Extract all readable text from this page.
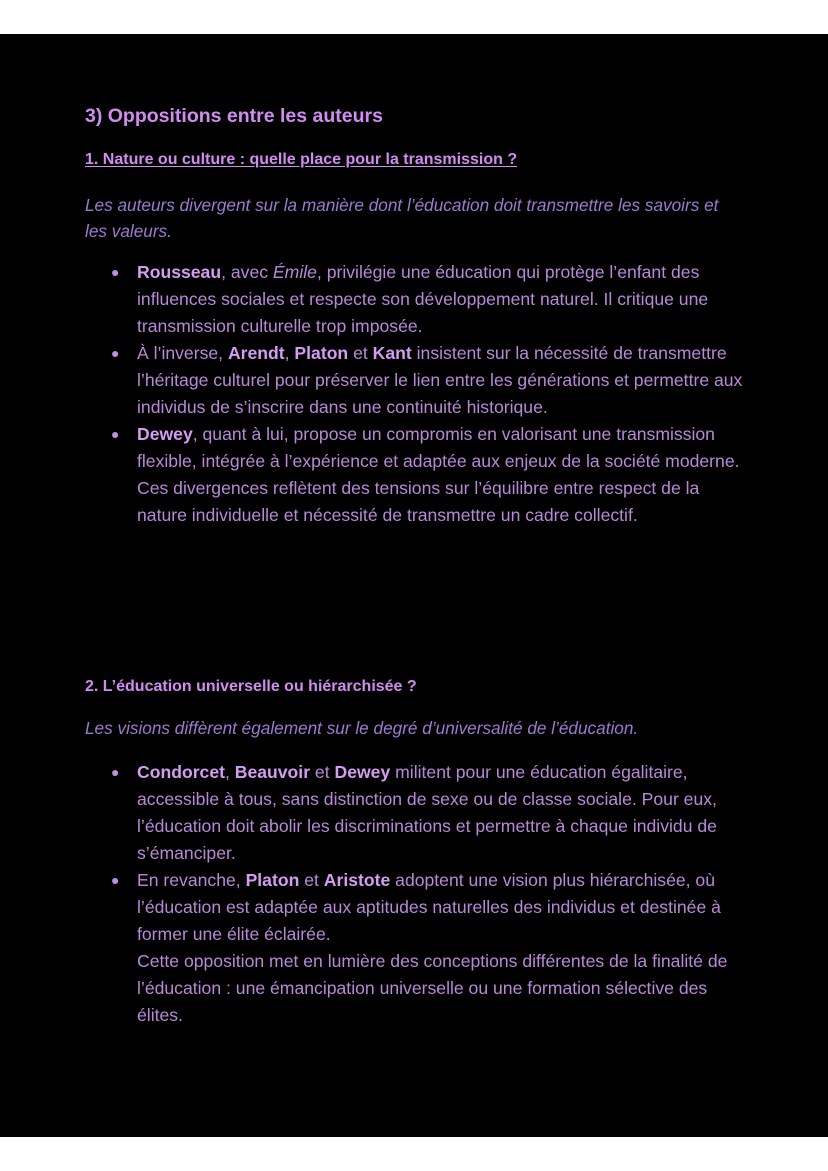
3) Oppositions entre les auteurs
1. Nature ou culture : quelle place pour la transmission ?

Les auteurs divergent sur la manière dont l’éducation doit transmettre les savoirs et les valeurs.

● Rousseau, avec Émile, privilégie une éducation qui protège l’enfant des influences sociales et respecte son développement naturel. Il critique une transmission culturelle trop imposée.
● À l’inverse, Arendt, Platon et Kant insistent sur la nécessité de transmettre l’héritage culturel pour préserver le lien entre les générations et permettre aux individus de s’inscrire dans une continuité historique.
● Dewey, quant à lui, propose un compromis en valorisant une transmission flexible, intégrée à l’expérience et adaptée aux enjeux de la société moderne.
Ces divergences reflètent des tensions sur l’équilibre entre respect de la nature individuelle et nécessité de transmettre un cadre collectif.
2. L’éducation universelle ou hiérarchisée ?

Les visions diffèrent également sur le degré d’universalité de l’éducation.

● Condorcet, Beauvoir et Dewey militent pour une éducation égalitaire, accessible à tous, sans distinction de sexe ou de classe sociale. Pour eux, l’éducation doit abolir les discriminations et permettre à chaque individu de s’émanciper.
● En revanche, Platon et Aristote adoptent une vision plus hiérarchisée, où l’éducation est adaptée aux aptitudes naturelles des individus et destinée à former une élite éclairée.
Cette opposition met en lumière des conceptions différentes de la finalité de l’éducation : une émancipation universelle ou une formation sélective des élites.
